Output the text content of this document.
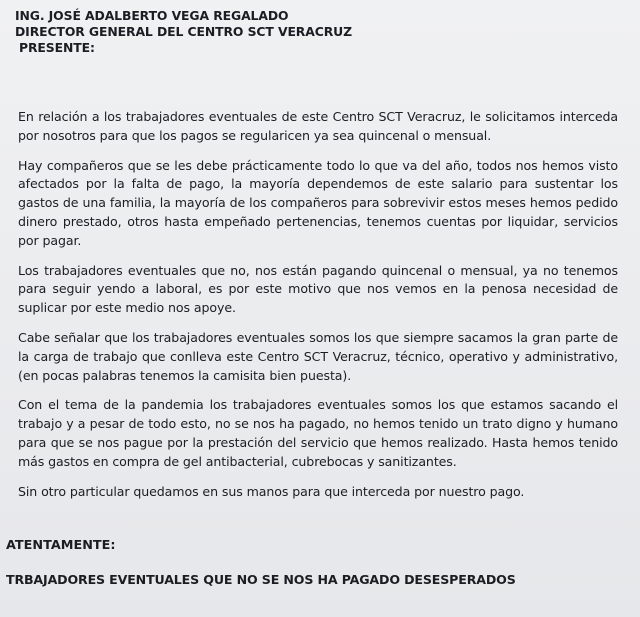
ING. JOSÉ ADALBERTO VEGA REGALADO
DIRECTOR GENERAL DEL CENTRO SCT VERACRUZ
PRESENTE:

En relación a los trabajadores eventuales de este Centro SCT Veracruz, le solicitamos interceda por nosotros para que los pagos se regularicen ya sea quincenal o mensual.

Hay compañeros que se les debe prácticamente todo lo que va del año, todos nos hemos visto afectados por la falta de pago, la mayoría dependemos de este salario para sustentar los gastos de una familia, la mayoría de los compañeros para sobrevivir estos meses hemos pedido dinero prestado, otros hasta empeñado pertenencias, tenemos cuentas por liquidar, servicios por pagar.

Los trabajadores eventuales que no, nos están pagando quincenal o mensual, ya no tenemos para seguir yendo a laboral, es por este motivo que nos vemos en la penosa necesidad de suplicar por este medio nos apoye.

Cabe señalar que los trabajadores eventuales somos los que siempre sacamos la gran parte de la carga de trabajo que conlleva este Centro SCT Veracruz, técnico, operativo y administrativo, (en pocas palabras tenemos la camisita bien puesta).

Con el tema de la pandemia los trabajadores eventuales somos los que estamos sacando el trabajo y a pesar de todo esto, no se nos ha pagado, no hemos tenido un trato digno y humano para que se nos pague por la prestación del servicio que hemos realizado. Hasta hemos tenido más gastos en compra de gel antibacterial, cubrebocas y sanitizantes.

Sin otro particular quedamos en sus manos para que interceda por nuestro pago.

ATENTAMENTE:
TRBAJADORES EVENTUALES QUE NO SE NOS HA PAGADO DESESPERADOS
